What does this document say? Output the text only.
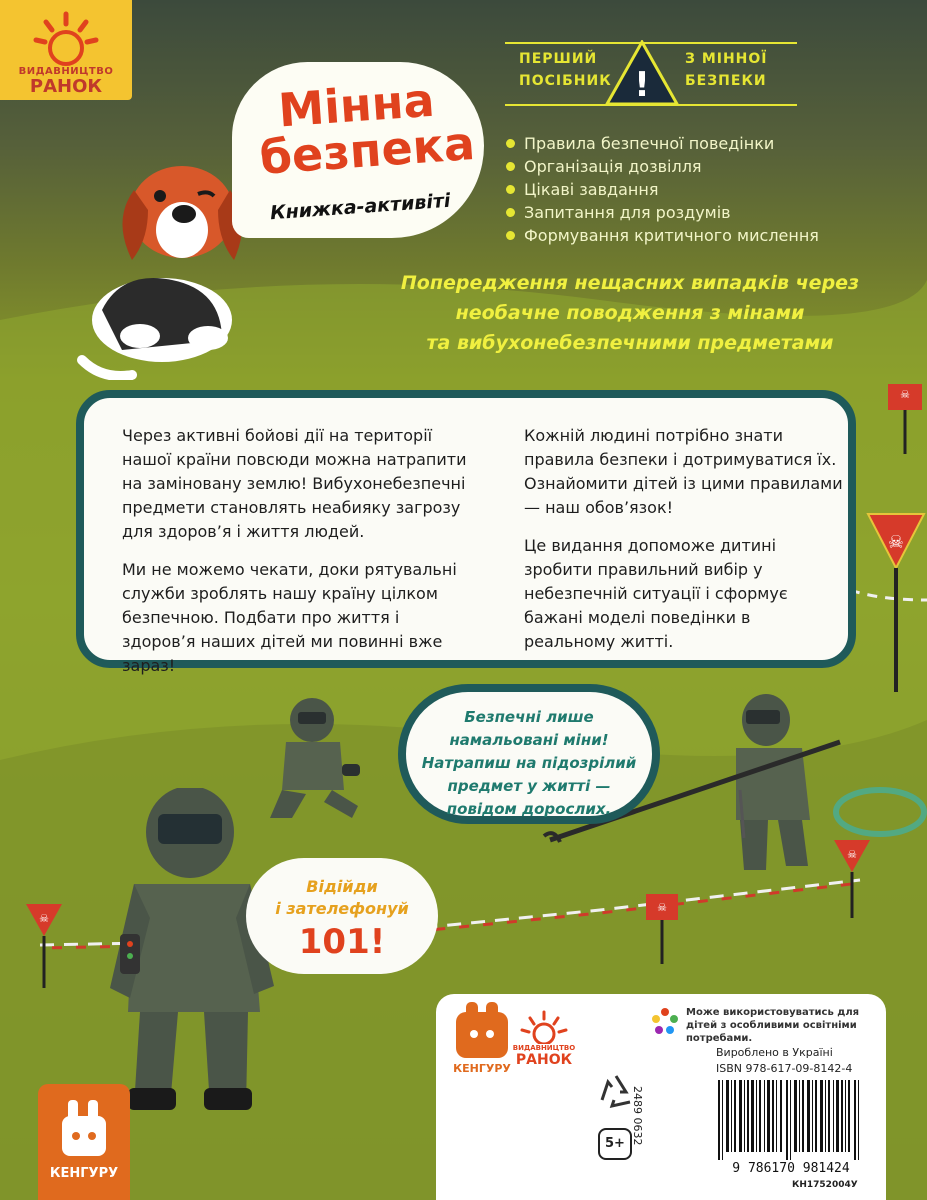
☠
☠
☠
☠
☠
ВИДАВНИЦТВО
РАНОК	Мінна безпека
Книжка-активіті
ПЕРШИЙ ПОСІБНИК !
З МІННОЇ БЕЗПЕКИ
Правила безпечної поведінки
Організація дозвілля
Цікаві завдання
Запитання для роздумів
Формування критичного мислення
Попередження нещасних випадків через
необачне поводження з мінами
та вибухонебезпечними предметами

Через активні бойові дії на території нашої країни повсюди можна натрапити на заміновану землю! Вибухонебезпечні предмети становлять неабияку загрозу для здоров’я і життя людей.

Ми не можемо чекати, доки рятувальні служби зроблять нашу країну цілком безпечною. Подбати про життя і здоров’я наших дітей ми повинні вже зараз!

Кожній людині потрібно знати правила безпеки і дотримуватися їх. Ознайомити дітей із цими правилами — наш обов’язок!

Це видання допоможе дитині зробити правильний вибір у небезпечній ситуації і сформує бажані моделі поведінки в реальному житті.

Безпечні лише
намальовані міни!
Натрапиш на підозрілий
предмет у житті —
повідом дорослих.
Відійди
і зателефонуй
101!
КЕНГУРУ
ВИДАВНИЦТВО
РАНОК
Може використовуватись для дітей з особливими освітніми потребами.
Вироблено в Україні
ISBN 978-617-09-8142-4
2489 0632
5+
9 786170 981424
КН1752004У
КЕНГУРУ
